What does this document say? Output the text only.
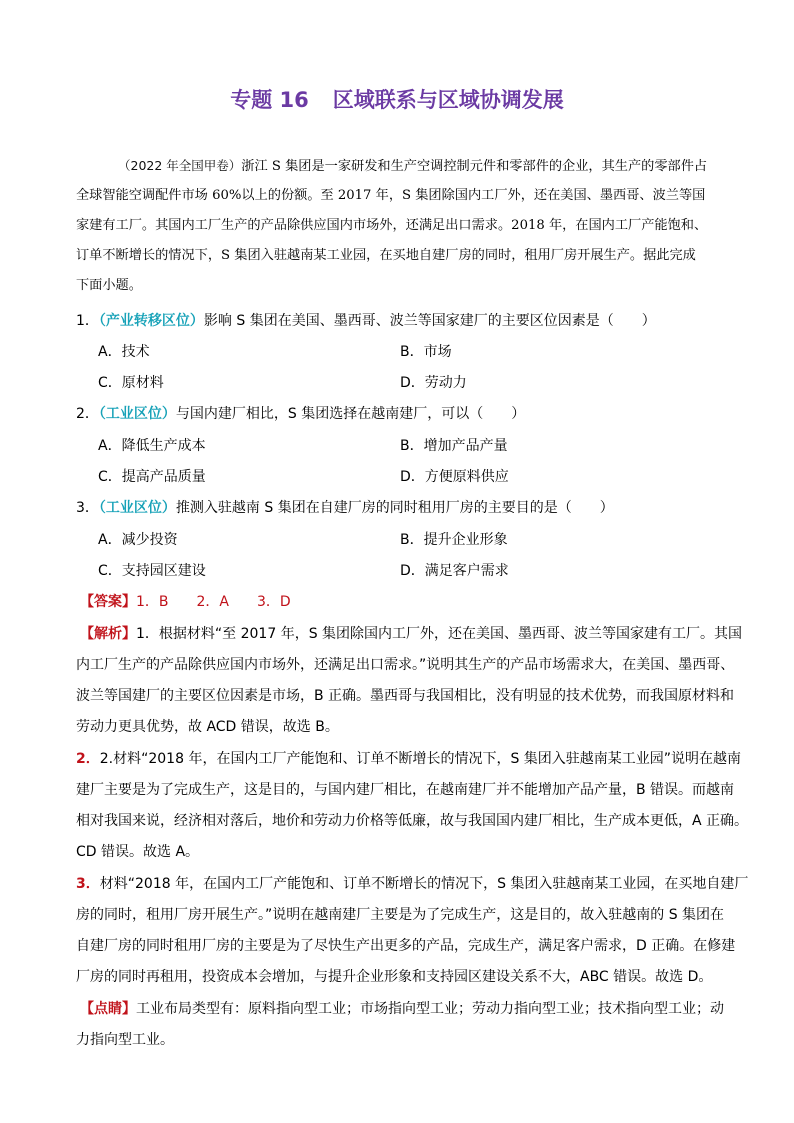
专题 16 区域联系与区域协调发展
（2022 年全国甲卷）浙江 S 集团是一家研发和生产空调控制元件和零部件的企业，其生产的零部件占
全球智能空调配件市场 60%以上的份额。至 2017 年，S 集团除国内工厂外，还在美国、墨西哥、波兰等国
家建有工厂。其国内工厂生产的产品除供应国内市场外，还满足出口需求。2018 年，在国内工厂产能饱和、
订单不断增长的情况下，S 集团入驻越南某工业园，在买地自建厂房的同时，租用厂房开展生产。据此完成
下面小题。
1．（产业转移区位）影响 S 集团在美国、墨西哥、波兰等国家建厂的主要区位因素是（　　）
A．技术	B．市场
C．原材料	D．劳动力
2．（工业区位）与国内建厂相比，S 集团选择在越南建厂，可以（　　）
A．降低生产成本	B．增加产品产量
C．提高产品质量	D．方便原料供应
3．（工业区位）推测入驻越南 S 集团在自建厂房的同时租用厂房的主要目的是（　　）
A．减少投资	B．提升企业形象
C．支持园区建设	D．满足客户需求
【答案】1．B　　2．A　　3．D
【解析】1．根据材料“至 2017 年，S 集团除国内工厂外，还在美国、墨西哥、波兰等国家建有工厂。其国
内工厂生产的产品除供应国内市场外，还满足出口需求。”说明其生产的产品市场需求大，在美国、墨西哥、
波兰等国建厂的主要区位因素是市场，B 正确。墨西哥与我国相比，没有明显的技术优势，而我国原材料和
劳动力更具优势，故 ACD 错误，故选 B。
2．2.材料“2018 年，在国内工厂产能饱和、订单不断增长的情况下，S 集团入驻越南某工业园”说明在越南
建厂主要是为了完成生产，这是目的，与国内建厂相比，在越南建厂并不能增加产品产量，B 错误。而越南
相对我国来说，经济相对落后，地价和劳动力价格等低廉，故与我国国内建厂相比，生产成本更低，A 正确。
CD 错误。故选 A。
3．材料“2018 年，在国内工厂产能饱和、订单不断增长的情况下，S 集团入驻越南某工业园，在买地自建厂
房的同时，租用厂房开展生产。”说明在越南建厂主要是为了完成生产，这是目的，故入驻越南的 S 集团在
自建厂房的同时租用厂房的主要是为了尽快生产出更多的产品，完成生产，满足客户需求，D 正确。在修建
厂房的同时再租用，投资成本会增加，与提升企业形象和支持园区建设关系不大，ABC 错误。故选 D。
【点睛】工业布局类型有：原料指向型工业；市场指向型工业；劳动力指向型工业；技术指向型工业；动
力指向型工业。
